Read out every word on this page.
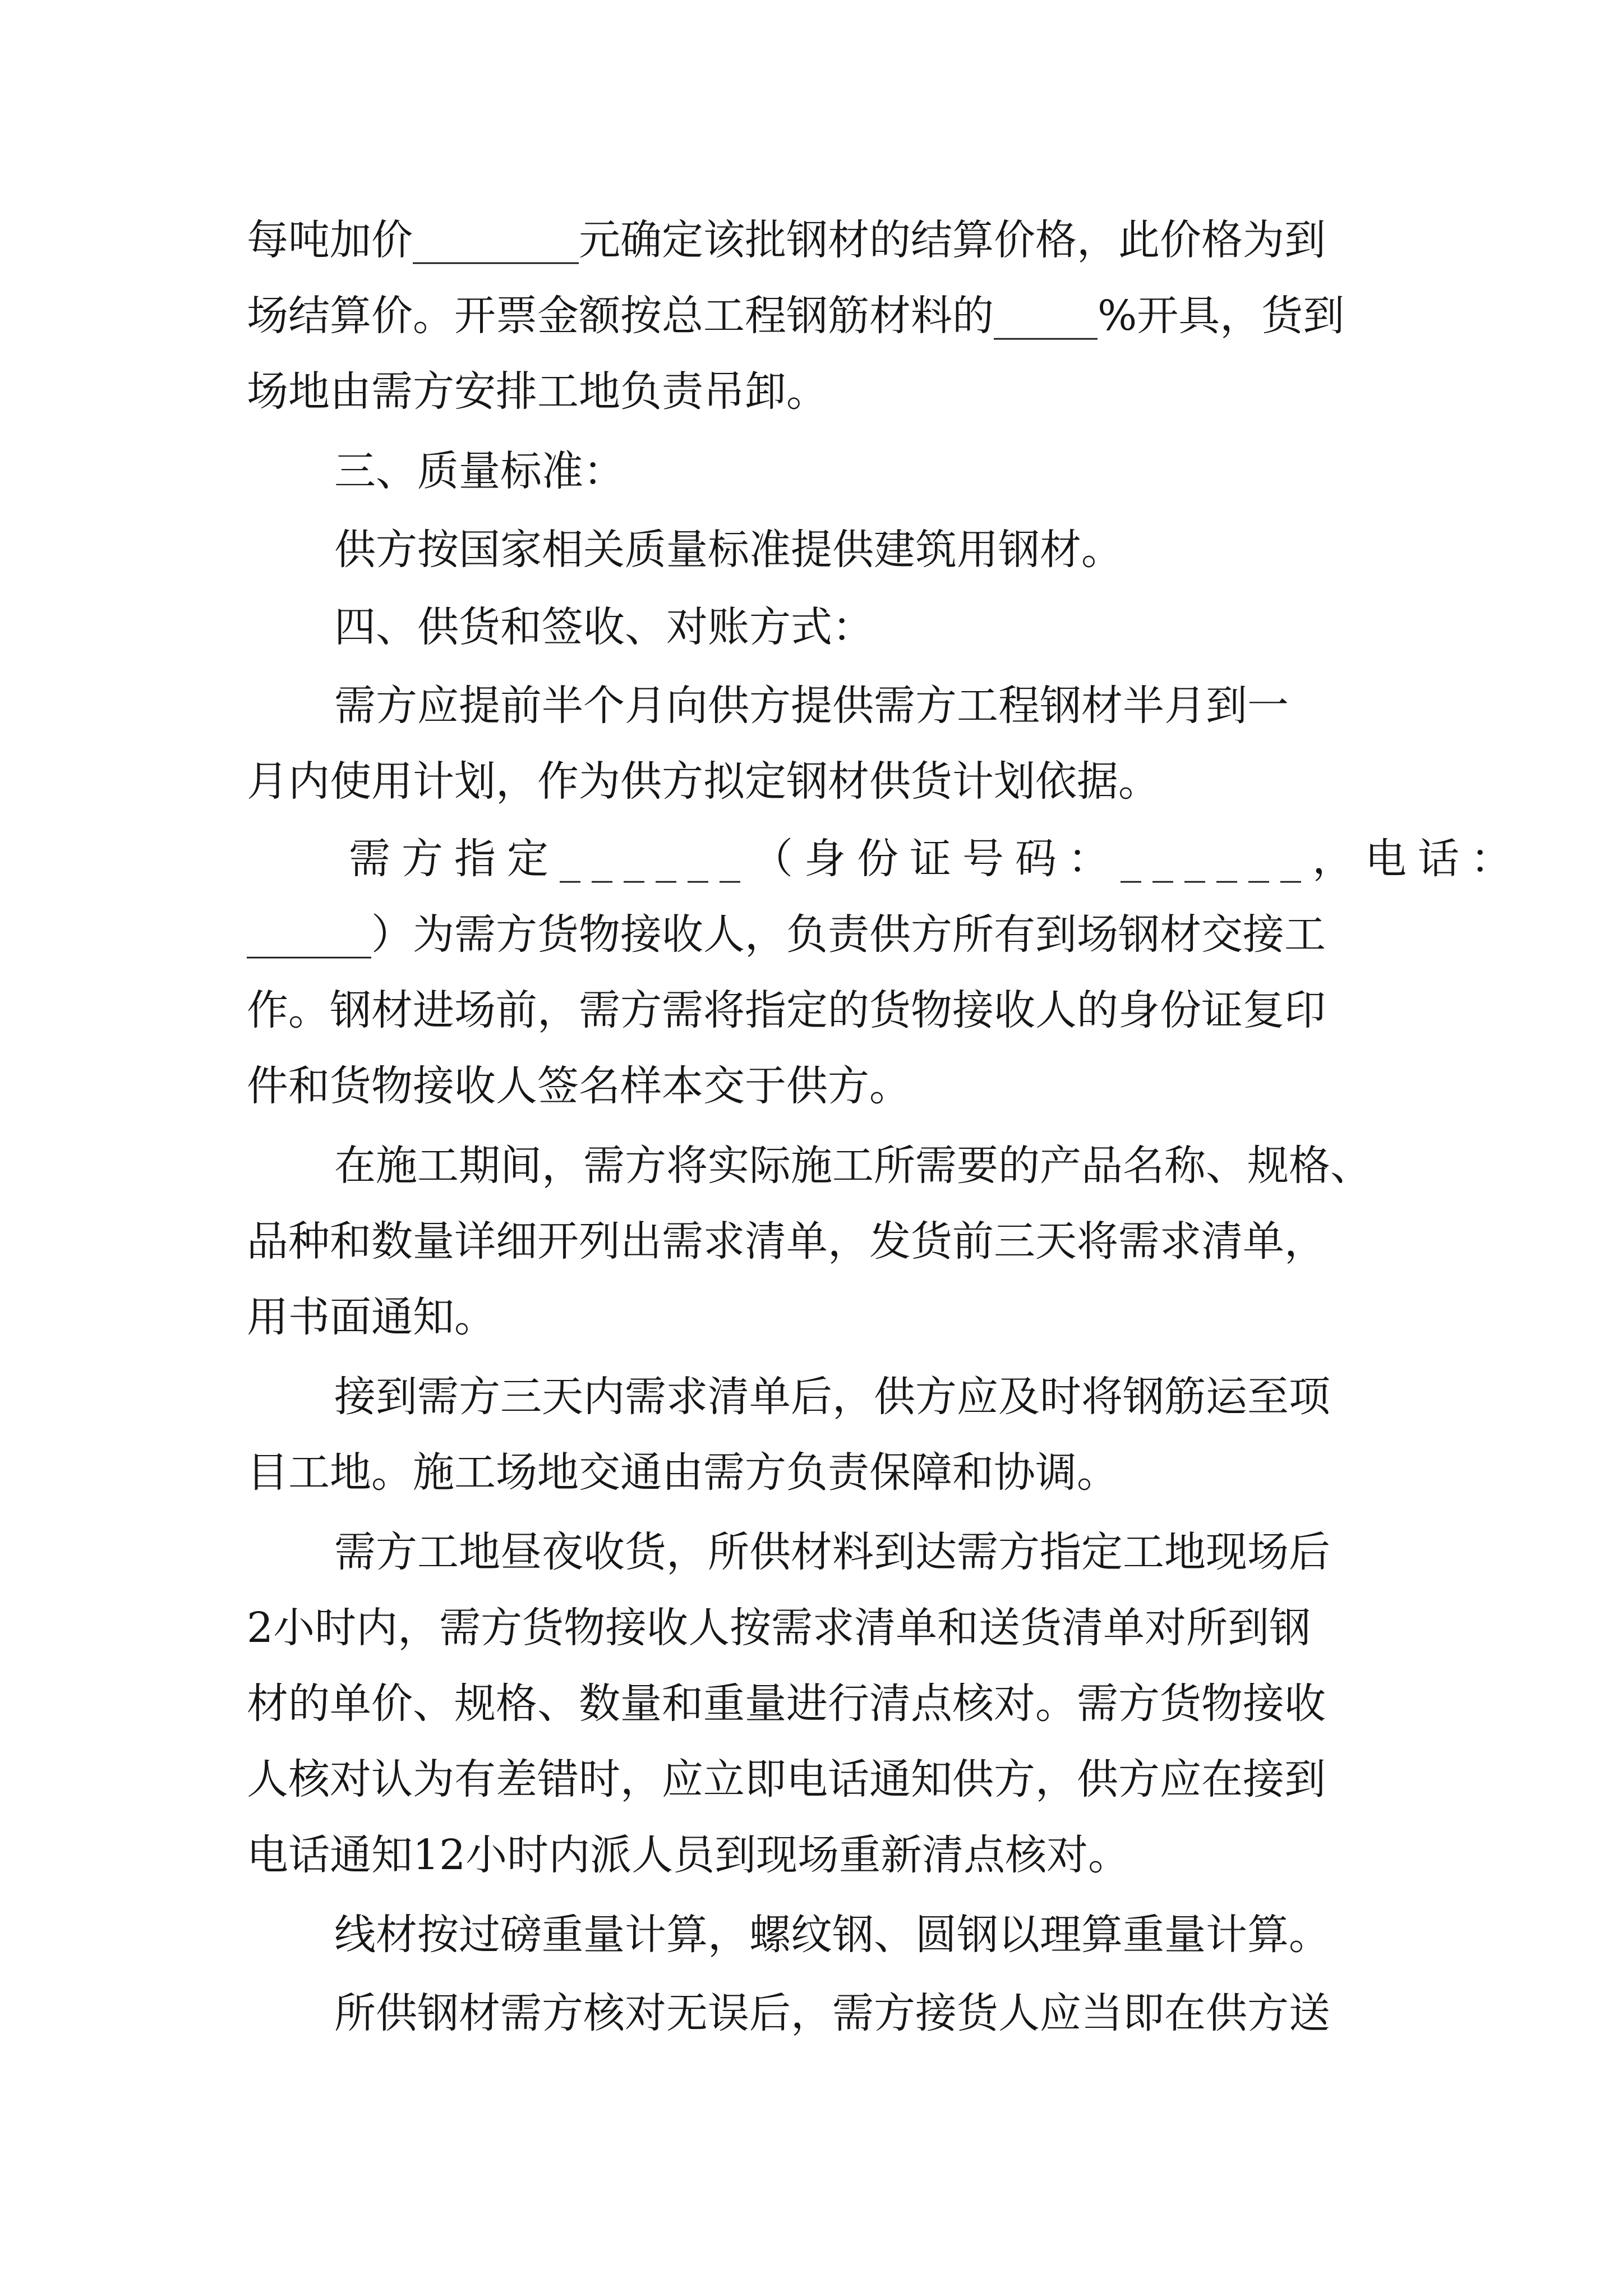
每吨加价________元确定该批钢材的结算价格，此价格为到
场结算价。开票金额按总工程钢筋材料的_____%开具，货到
场地由需方安排工地负责吊卸。
三、质量标准：
供方按国家相关质量标准提供建筑用钢材。
四、供货和签收、对账方式：
需方应提前半个月向供方提供需方工程钢材半月到一
月内使用计划，作为供方拟定钢材供货计划依据。
需方指定______（身份证号码：______，电话：
______）为需方货物接收人，负责供方所有到场钢材交接工
作。钢材进场前，需方需将指定的货物接收人的身份证复印
件和货物接收人签名样本交于供方。
在施工期间，需方将实际施工所需要的产品名称、规格、
品种和数量详细开列出需求清单，发货前三天将需求清单，
用书面通知。
接到需方三天内需求清单后，供方应及时将钢筋运至项
目工地。施工场地交通由需方负责保障和协调。
需方工地昼夜收货，所供材料到达需方指定工地现场后
2小时内，需方货物接收人按需求清单和送货清单对所到钢
材的单价、规格、数量和重量进行清点核对。需方货物接收
人核对认为有差错时，应立即电话通知供方，供方应在接到
电话通知12小时内派人员到现场重新清点核对。
线材按过磅重量计算，螺纹钢、圆钢以理算重量计算。
所供钢材需方核对无误后，需方接货人应当即在供方送
